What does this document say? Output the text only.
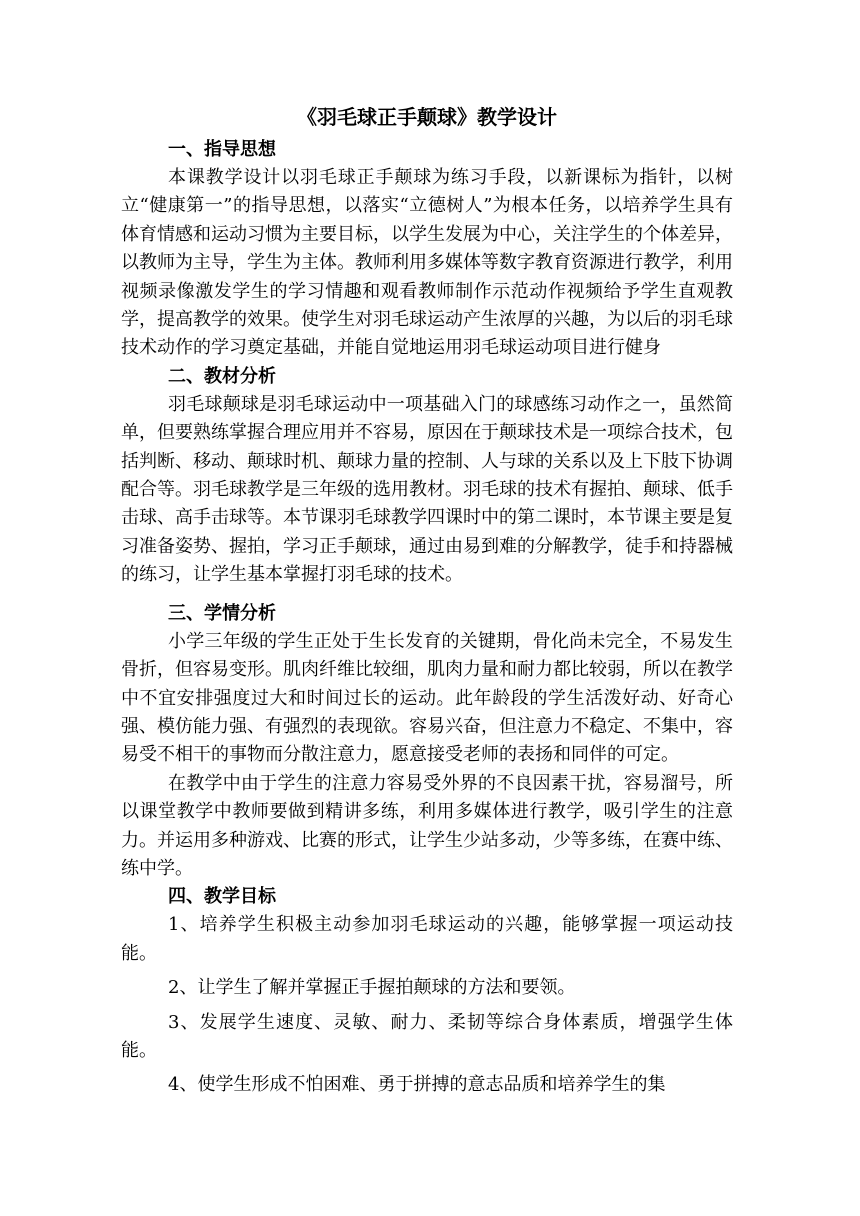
《羽毛球正手颠球》教学设计
一、指导思想

本课教学设计以羽毛球正手颠球为练习手段，以新课标为指针，以树立“健康第一”的指导思想，以落实“立德树人”为根本任务，以培养学生具有体育情感和运动习惯为主要目标，以学生发展为中心，关注学生的个体差异，以教师为主导，学生为主体。教师利用多媒体等数字教育资源进行教学，利用视频录像激发学生的学习情趣和观看教师制作示范动作视频给予学生直观教学，提高教学的效果。使学生对羽毛球运动产生浓厚的兴趣，为以后的羽毛球技术动作的学习奠定基础，并能自觉地运用羽毛球运动项目进行健身

二、教材分析

羽毛球颠球是羽毛球运动中一项基础入门的球感练习动作之一，虽然简单，但要熟练掌握合理应用并不容易，原因在于颠球技术是一项综合技术，包括判断、移动、颠球时机、颠球力量的控制、人与球的关系以及上下肢下协调配合等。羽毛球教学是三年级的选用教材。羽毛球的技术有握拍、颠球、低手击球、高手击球等。本节课羽毛球教学四课时中的第二课时，本节课主要是复习准备姿势、握拍，学习正手颠球，通过由易到难的分解教学，徒手和持器械的练习，让学生基本掌握打羽毛球的技术。

三、学情分析

小学三年级的学生正处于生长发育的关键期，骨化尚未完全，不易发生骨折，但容易变形。肌肉纤维比较细，肌肉力量和耐力都比较弱，所以在教学中不宜安排强度过大和时间过长的运动。此年龄段的学生活泼好动、好奇心强、模仿能力强、有强烈的表现欲。容易兴奋，但注意力不稳定、不集中，容易受不相干的事物而分散注意力，愿意接受老师的表扬和同伴的可定。

在教学中由于学生的注意力容易受外界的不良因素干扰，容易溜号，所以课堂教学中教师要做到精讲多练，利用多媒体进行教学，吸引学生的注意力。并运用多种游戏、比赛的形式，让学生少站多动，少等多练，在赛中练、练中学。

四、教学目标

1、培养学生积极主动参加羽毛球运动的兴趣，能够掌握一项运动技能。

2、让学生了解并掌握正手握拍颠球的方法和要领。

3、发展学生速度、灵敏、耐力、柔韧等综合身体素质，增强学生体能。

4、使学生形成不怕困难、勇于拼搏的意志品质和培养学生的集
